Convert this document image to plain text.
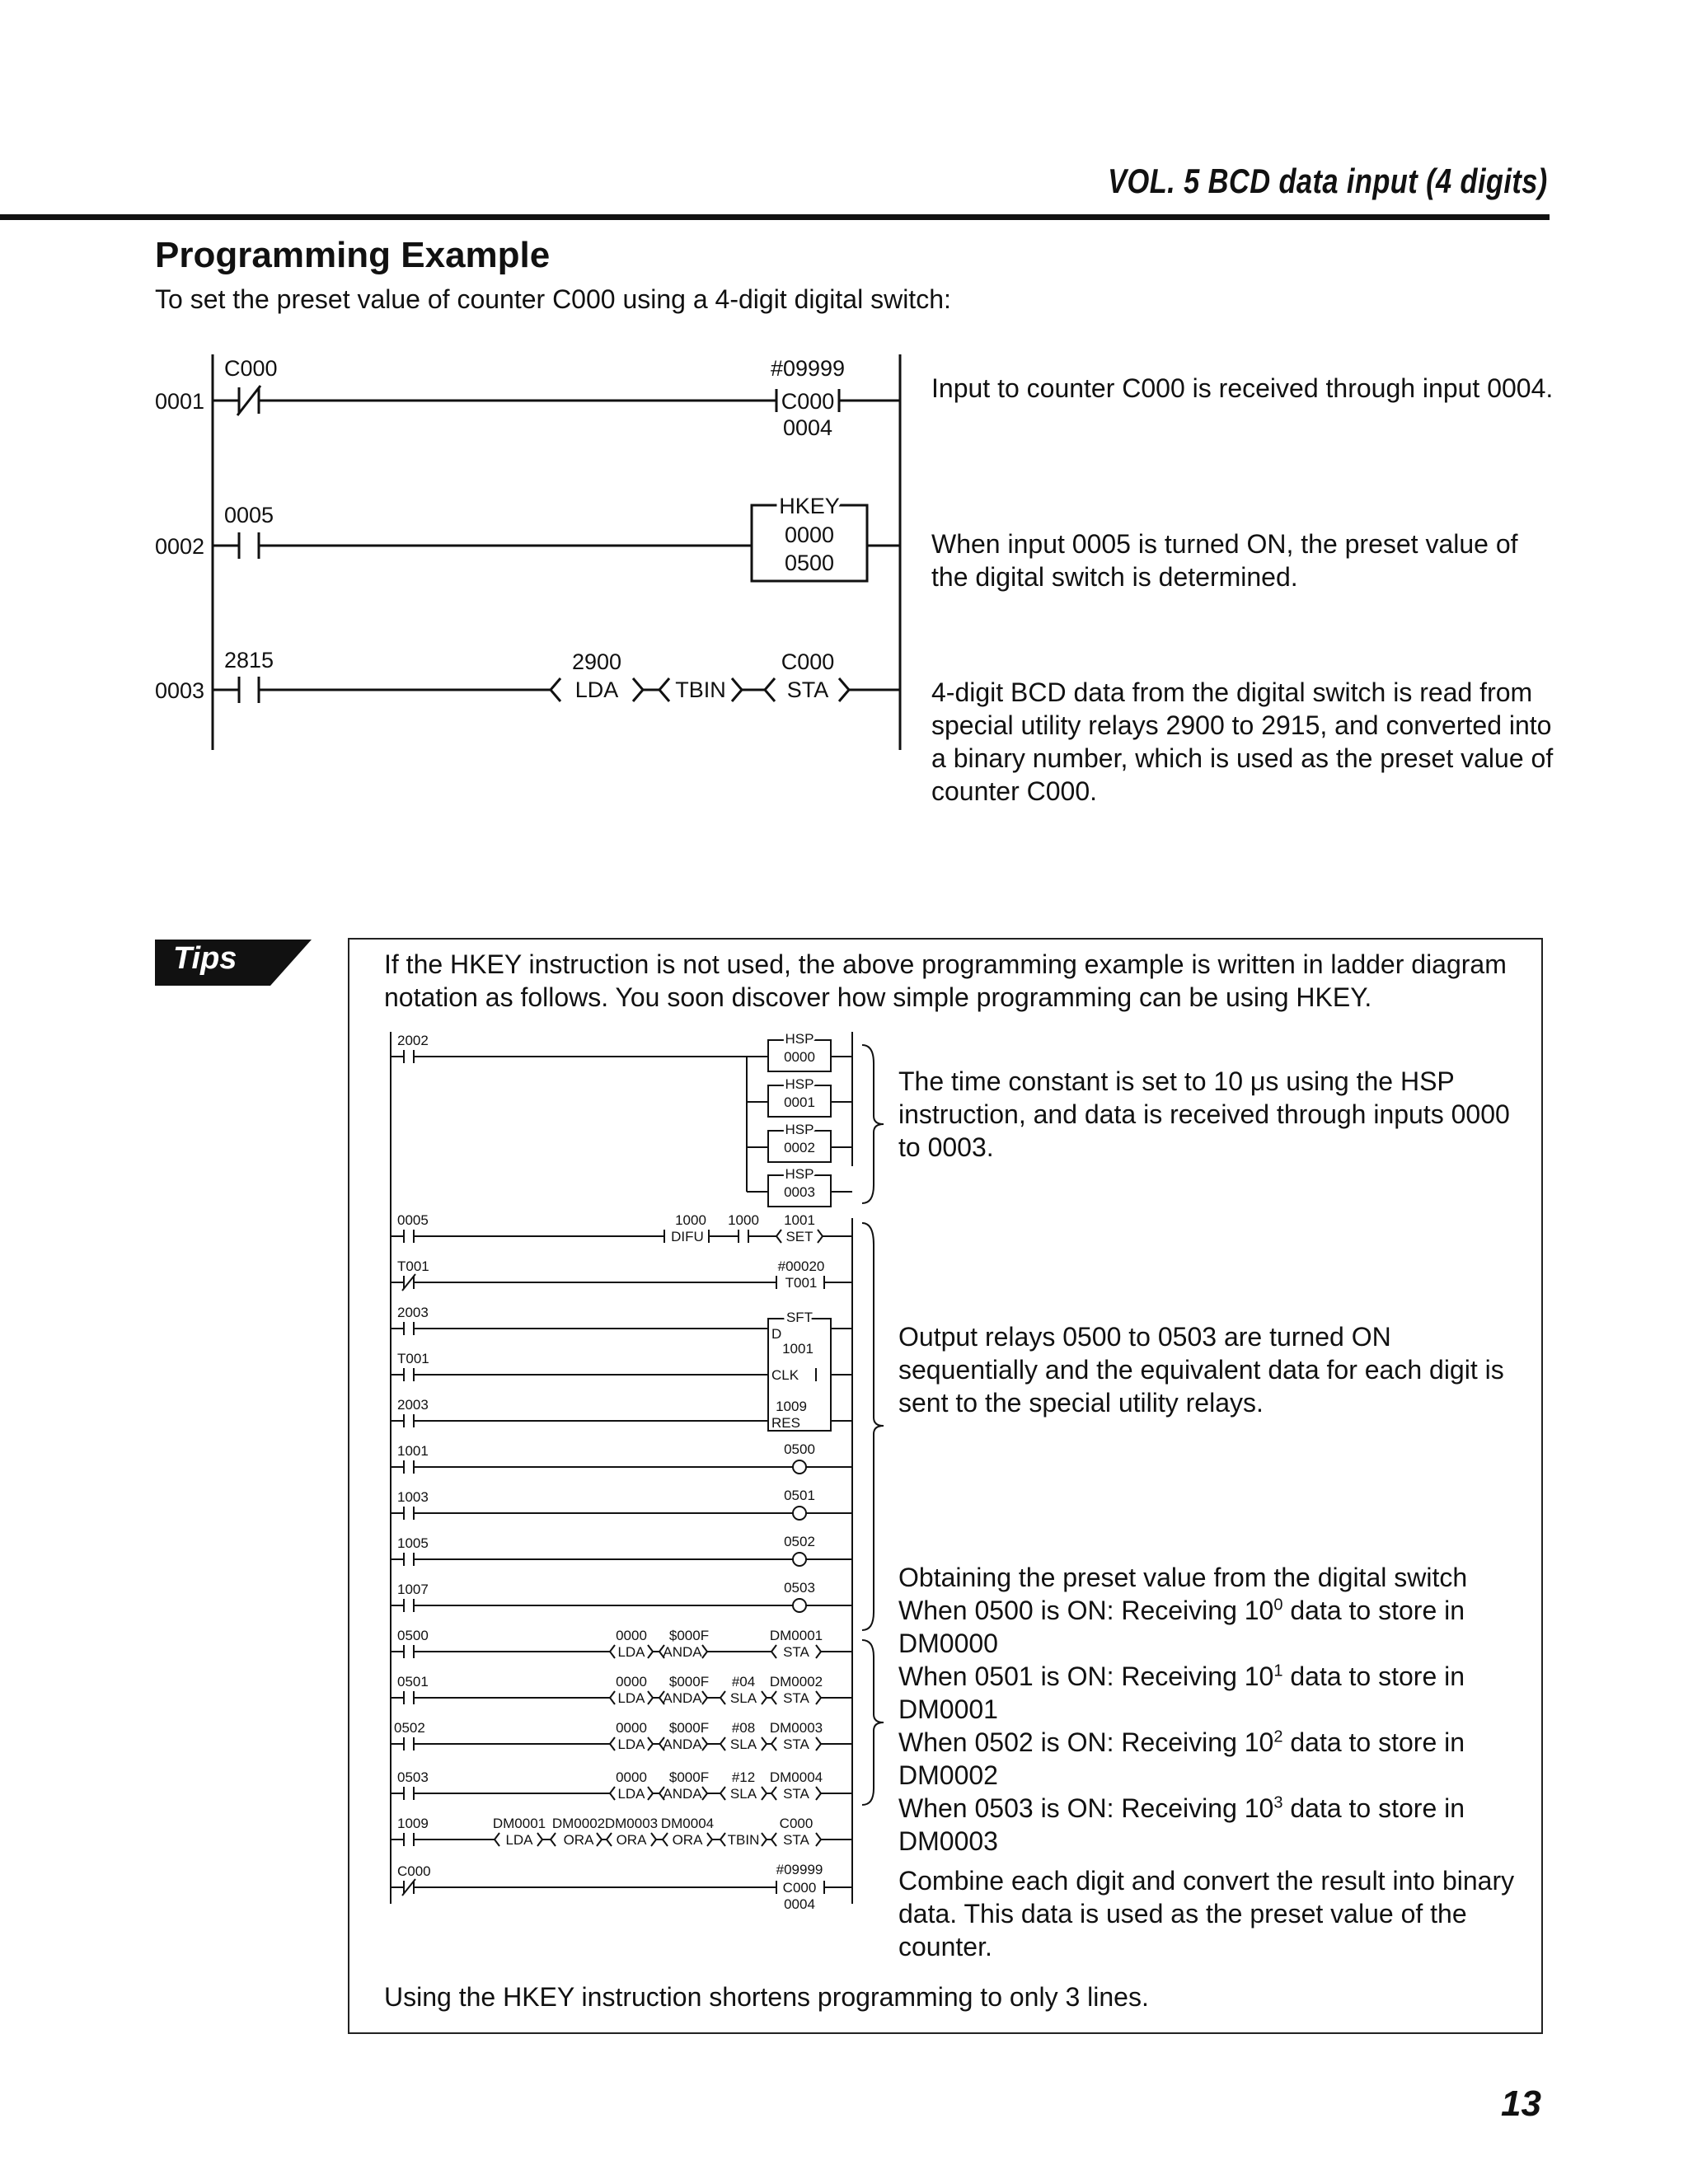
VOL. 5 BCD data input (4 digits)
Programming Example
To set the preset value of counter C000 using a 4-digit digital switch:
0001
C000	#09999
C000
0004
0002
0005	HKEY
0000
0500
0003
2815	2900
LDA	TBIN
C000
STA
Input to counter C000 is received through input 0004.
When input 0005 is turned ON, the preset value of the digital switch is determined.
4-digit BCD data from the digital switch is read from special utility relays 2900 to 2915, and converted into a binary number, which is used as the preset value of counter C000.
Tips	If the HKEY instruction is not used, the above programming example is written in ladder diagram notation as follows. You soon discover how simple programming can be using HKEY.
2002	HSP
0000
HSP
0001
HSP
0002
HSP
0003
0005	1000
DIFU
1000 1001
SET
T001	#00020
T001
2003	SFT
D
1001
T001
CLK
2003	1009
RES
1001	0500
1003	0501
1005	0502
1007	0503
0500	0000
LDA
$000F
ANDA
DM0001
STA
0501	0000
LDA
$000F
ANDA
#04
SLA
DM0002
STA
0502	0000
LDA
$000F
ANDA
#08
SLA
DM0003
STA
0503	0000
LDA
$000F
ANDA
#12
SLA
DM0004
STA
1009	DM0001
LDA
DM0002
ORA
DM0003
ORA
DM0004
ORA TBIN
C000
STA
C000	#09999
C000
0004
The time constant is set to 10 μs using the HSP instruction, and data is received through inputs 0000 to 0003.
Output relays 0500 to 0503 are turned ON sequentially and the equivalent data for each digit is sent to the special utility relays.
Obtaining the preset value from the digital switch
When 0500 is ON: Receiving $10^0$ data to store in DM0000
When 0501 is ON: Receiving $10^1$ data to store in DM0001
When 0502 is ON: Receiving $10^2$ data to store in DM0002
When 0503 is ON: Receiving $10^3$ data to store in DM0003
Combine each digit and convert the result into binary data. This data is used as the preset value of the counter.
Using the HKEY instruction shortens programming to only 3 lines.
13
